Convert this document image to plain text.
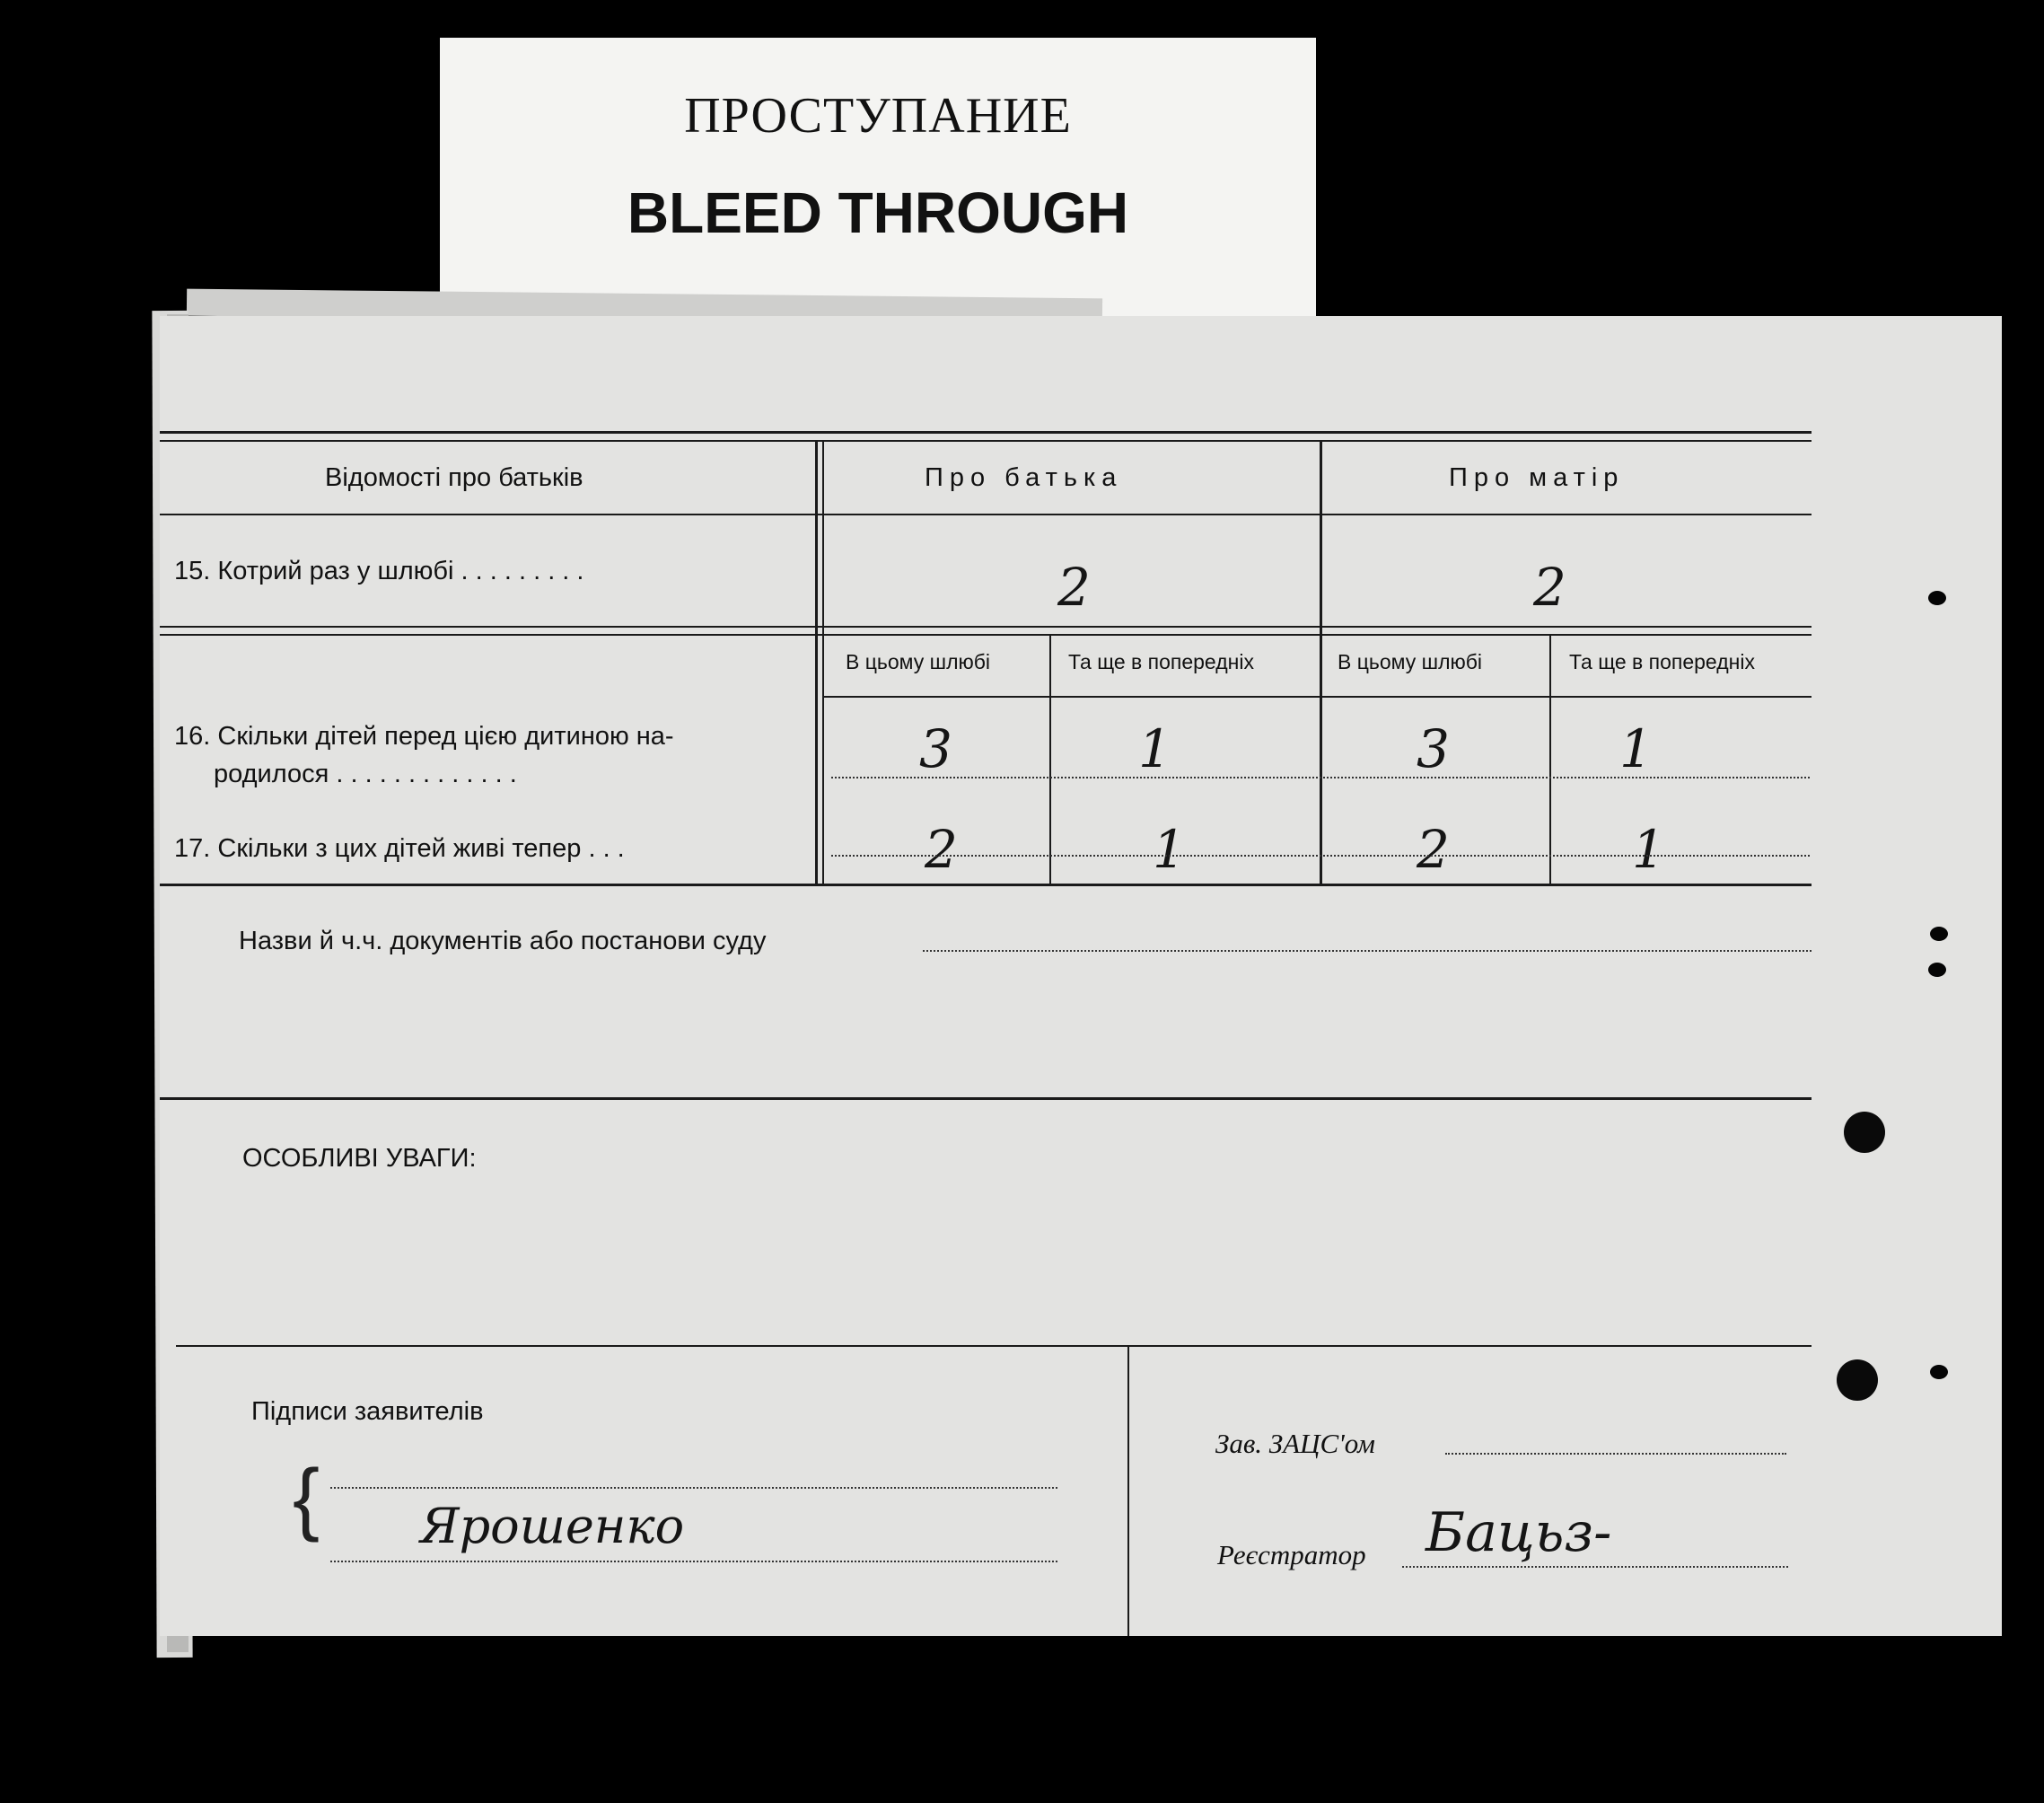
ПРОСТУПАНИЕ
BLEED THROUGH
Відомості про батьків	Про батька	Про матір
15. Котрий раз у шлюбі . . . . . . . . .	2	2
В цьому шлюбі	Та ще в попередніх	В цьому шлюбі	Та ще в попередніх
16. Скільки дітей перед цією дитиною на-
родилося . . . . . . . . . . . . .	3	1	3	1
17. Скільки з цих дітей живі тепер . . .	2	1	2	1
Назви й ч.ч. документів або постанови суду
ОСОБЛИВІ УВАГИ:
Підписи заявителів
{ Ярошенко
Зав. ЗАЦС'ом
Реєстратор Бацьз-
